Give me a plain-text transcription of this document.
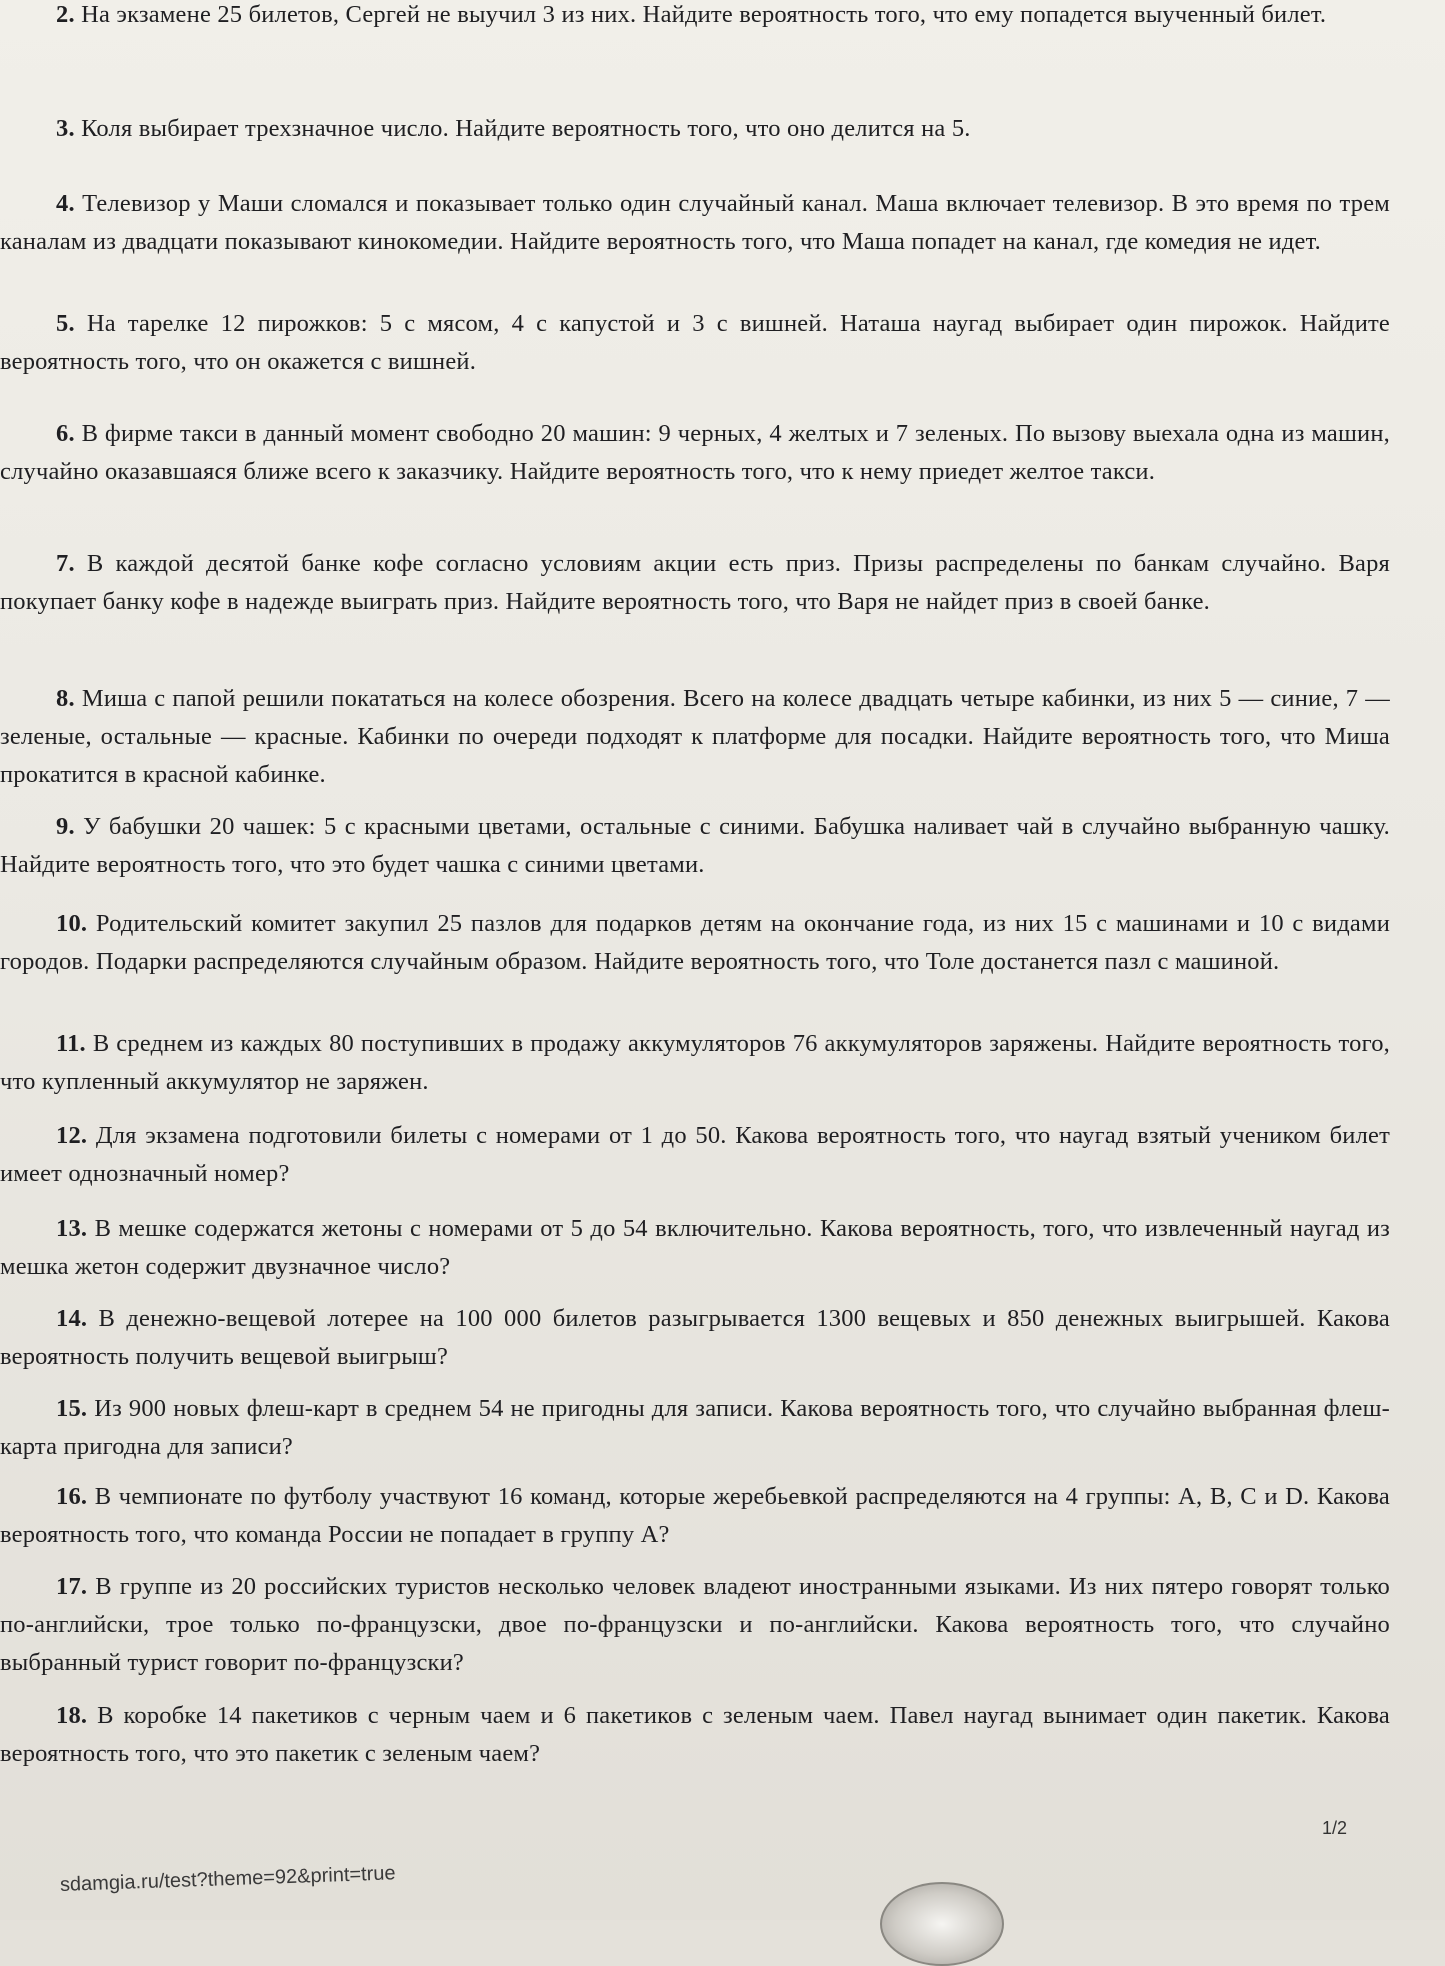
2. На экзамене 25 билетов, Сергей не выучил 3 из них. Найдите вероятность того, что ему попадется выученный билет.

3. Коля выбирает трехзначное число. Найдите вероятность того, что оно делится на 5.

4. Телевизор у Маши сломался и показывает только один случайный канал. Маша включает телевизор. В это время по трем каналам из двадцати показывают кинокомедии. Найдите вероятность того, что Маша попадет на канал, где комедия не идет.

5. На тарелке 12 пирожков: 5 с мясом, 4 с капустой и 3 с вишней. Наташа наугад выбирает один пирожок. Найдите вероятность того, что он окажется с вишней.

6. В фирме такси в данный момент свободно 20 машин: 9 черных, 4 желтых и 7 зеленых. По вызову выехала одна из машин, случайно оказавшаяся ближе всего к заказчику. Найдите вероятность того, что к нему приедет желтое такси.

7. В каждой десятой банке кофе согласно условиям акции есть приз. Призы распределены по банкам случайно. Варя покупает банку кофе в надежде выиграть приз. Найдите вероятность того, что Варя не найдет приз в своей банке.

8. Миша с папой решили покататься на колесе обозрения. Всего на колесе двадцать четыре кабинки, из них 5 — синие, 7 — зеленые, остальные — красные. Кабинки по очереди подходят к платформе для посадки. Найдите вероятность того, что Миша прокатится в красной кабинке.

9. У бабушки 20 чашек: 5 с красными цветами, остальные с синими. Бабушка наливает чай в случайно выбранную чашку. Найдите вероятность того, что это будет чашка с синими цветами.

10. Родительский комитет закупил 25 пазлов для подарков детям на окончание года, из них 15 с машинами и 10 с видами городов. Подарки распределяются случайным образом. Найдите вероятность того, что Толе достанется пазл с машиной.

11. В среднем из каждых 80 поступивших в продажу аккумуляторов 76 аккумуляторов заряжены. Найдите вероятность того, что купленный аккумулятор не заряжен.

12. Для экзамена подготовили билеты с номерами от 1 до 50. Какова вероятность того, что наугад взятый учеником билет имеет однозначный номер?

13. В мешке содержатся жетоны с номерами от 5 до 54 включительно. Какова вероятность, того, что извлеченный наугад из мешка жетон содержит двузначное число?

14. В денежно-вещевой лотерее на 100 000 билетов разыгрывается 1300 вещевых и 850 денежных выигрышей. Какова вероятность получить вещевой выигрыш?

15. Из 900 новых флеш-карт в среднем 54 не пригодны для записи. Какова вероятность того, что случайно выбранная флеш-карта пригодна для записи?

16. В чемпионате по футболу участвуют 16 команд, которые жеребьевкой распределяются на 4 группы: A, B, C и D. Какова вероятность того, что команда России не попадает в группу A?

17. В группе из 20 российских туристов несколько человек владеют иностранными языками. Из них пятеро говорят только по-английски, трое только по-французски, двое по-французски и по-английски. Какова вероятность того, что случайно выбранный турист говорит по-французски?

18. В коробке 14 пакетиков с черным чаем и 6 пакетиков с зеленым чаем. Павел наугад вынимает один пакетик. Какова вероятность того, что это пакетик с зеленым чаем?

1/2
sdamgia.ru/test?theme=92&print=true
